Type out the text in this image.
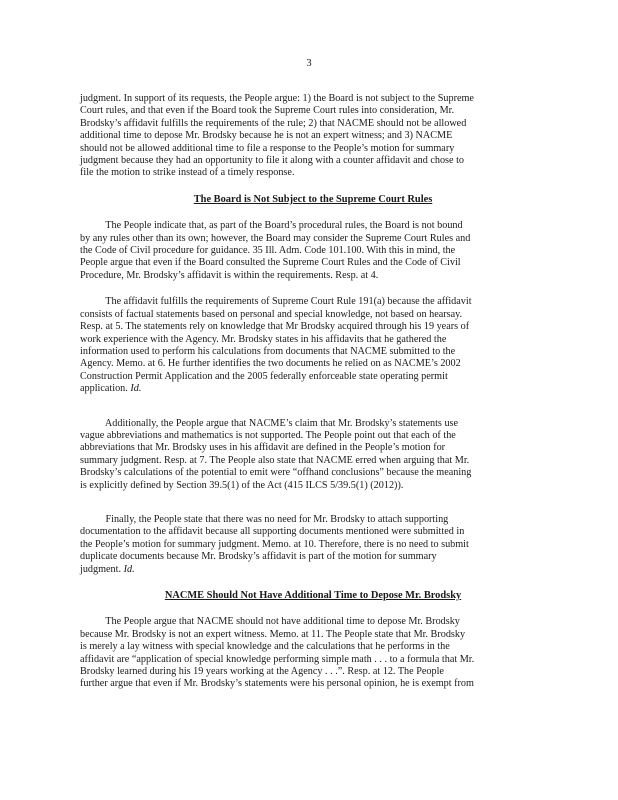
3
judgment. In support of its requests, the People argue: 1) the Board is not subject to the Supreme
Court rules, and that even if the Board took the Supreme Court rules into consideration, Mr.
Brodsky’s affidavit fulfills the requirements of the rule; 2) that NACME should not be allowed
additional time to depose Mr. Brodsky because he is not an expert witness; and 3) NACME
should not be allowed additional time to file a response to the People’s motion for summary
judgment because they had an opportunity to file it along with a counter affidavit and chose to
file the motion to strike instead of a timely response.
The Board is Not Subject to the Supreme Court Rules
The People indicate that, as part of the Board’s procedural rules, the Board is not bound
by any rules other than its own; however, the Board may consider the Supreme Court Rules and
the Code of Civil procedure for guidance. 35 Ill. Adm. Code 101.100. With this in mind, the
People argue that even if the Board consulted the Supreme Court Rules and the Code of Civil
Procedure, Mr. Brodsky’s affidavit is within the requirements. Resp. at 4.
The affidavit fulfills the requirements of Supreme Court Rule 191(a) because the affidavit
consists of factual statements based on personal and special knowledge, not based on hearsay.
Resp. at 5. The statements rely on knowledge that Mr Brodsky acquired through his 19 years of
work experience with the Agency. Mr. Brodsky states in his affidavits that he gathered the
information used to perform his calculations from documents that NACME submitted to the
Agency. Memo. at 6. He further identifies the two documents he relied on as NACME’s 2002
Construction Permit Application and the 2005 federally enforceable state operating permit
application. Id.
Additionally, the People argue that NACME’s claim that Mr. Brodsky’s statements use
vague abbreviations and mathematics is not supported. The People point out that each of the
abbreviations that Mr. Brodsky uses in his affidavit are defined in the People’s motion for
summary judgment. Resp. at 7. The People also state that NACME erred when arguing that Mr.
Brodsky’s calculations of the potential to emit were “offhand conclusions” because the meaning
is explicitly defined by Section 39.5(1) of the Act (415 ILCS 5/39.5(1) (2012)).
Finally, the People state that there was no need for Mr. Brodsky to attach supporting
documentation to the affidavit because all supporting documents mentioned were submitted in
the People’s motion for summary judgment. Memo. at 10. Therefore, there is no need to submit
duplicate documents because Mr. Brodsky’s affidavit is part of the motion for summary
judgment. Id.
NACME Should Not Have Additional Time to Depose Mr. Brodsky
The People argue that NACME should not have additional time to depose Mr. Brodsky
because Mr. Brodsky is not an expert witness. Memo. at 11. The People state that Mr. Brodsky
is merely a lay witness with special knowledge and the calculations that he performs in the
affidavit are “application of special knowledge performing simple math . . . to a formula that Mr.
Brodsky learned during his 19 years working at the Agency . . .”. Resp. at 12. The People
further argue that even if Mr. Brodsky’s statements were his personal opinion, he is exempt from
